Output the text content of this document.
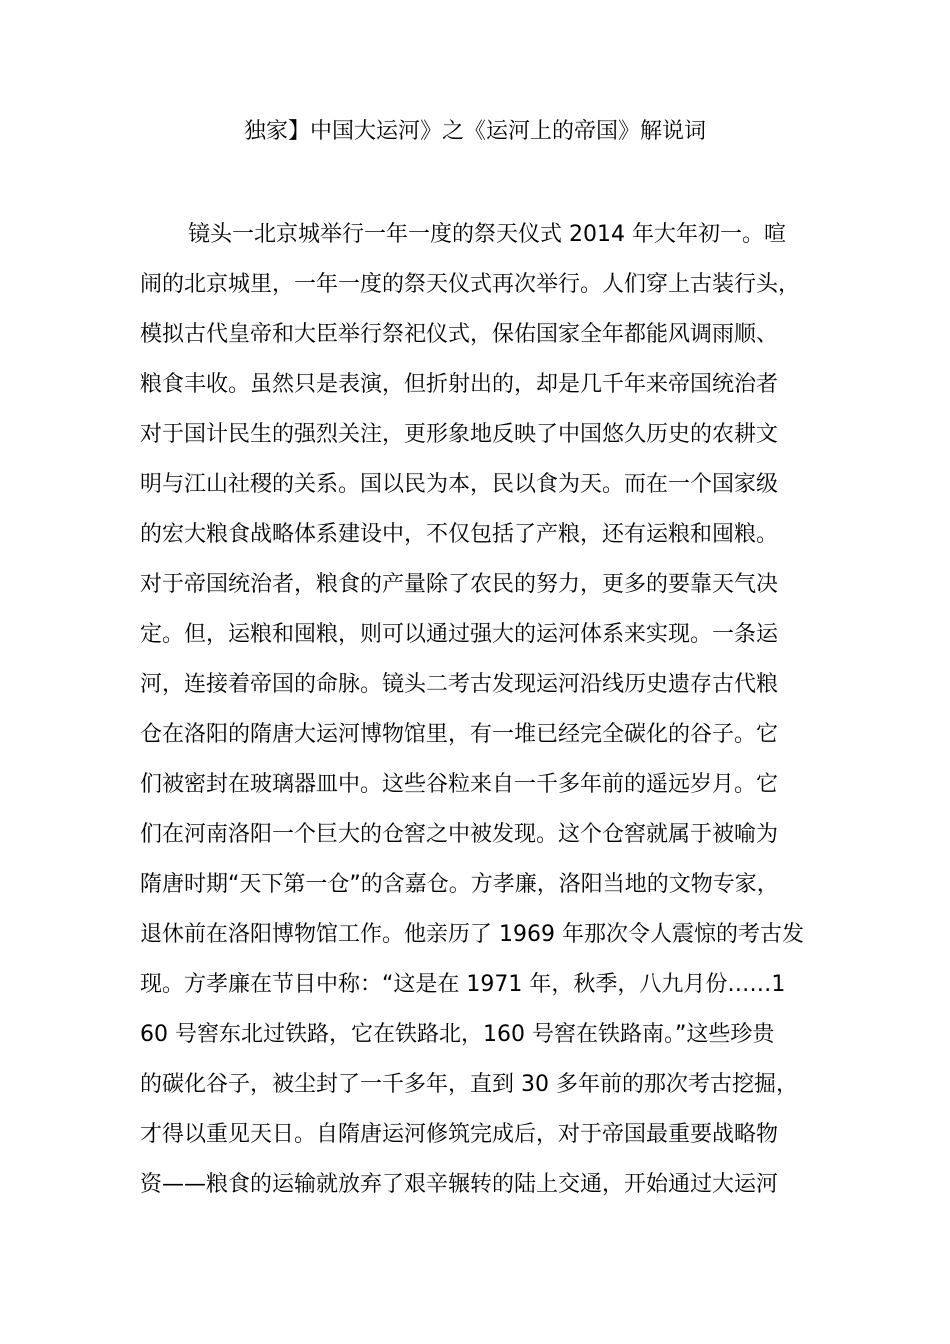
独家】中国大运河》之《运河上的帝国》解说词
镜头一北京城举行一年一度的祭天仪式 2014 年大年初一。喧
闹的北京城里，一年一度的祭天仪式再次举行。人们穿上古装行头，
模拟古代皇帝和大臣举行祭祀仪式，保佑国家全年都能风调雨顺、
粮食丰收。虽然只是表演，但折射出的，却是几千年来帝国统治者
对于国计民生的强烈关注，更形象地反映了中国悠久历史的农耕文
明与江山社稷的关系。国以民为本，民以食为天。而在一个国家级
的宏大粮食战略体系建设中，不仅包括了产粮，还有运粮和囤粮。
对于帝国统治者，粮食的产量除了农民的努力，更多的要靠天气决
定。但，运粮和囤粮，则可以通过强大的运河体系来实现。一条运
河，连接着帝国的命脉。镜头二考古发现运河沿线历史遗存古代粮
仓在洛阳的隋唐大运河博物馆里，有一堆已经完全碳化的谷子。它
们被密封在玻璃器皿中。这些谷粒来自一千多年前的遥远岁月。它
们在河南洛阳一个巨大的仓窖之中被发现。这个仓窖就属于被喻为
隋唐时期“天下第一仓”的含嘉仓。方孝廉，洛阳当地的文物专家，
退休前在洛阳博物馆工作。他亲历了 1969 年那次令人震惊的考古发
现。方孝廉在节目中称：“这是在 1971 年，秋季，八九月份……1
60 号窖东北过铁路，它在铁路北，160 号窖在铁路南。”这些珍贵
的碳化谷子，被尘封了一千多年，直到 30 多年前的那次考古挖掘，
才得以重见天日。自隋唐运河修筑完成后，对于帝国最重要战略物
资——粮食的运输就放弃了艰辛辗转的陆上交通，开始通过大运河
